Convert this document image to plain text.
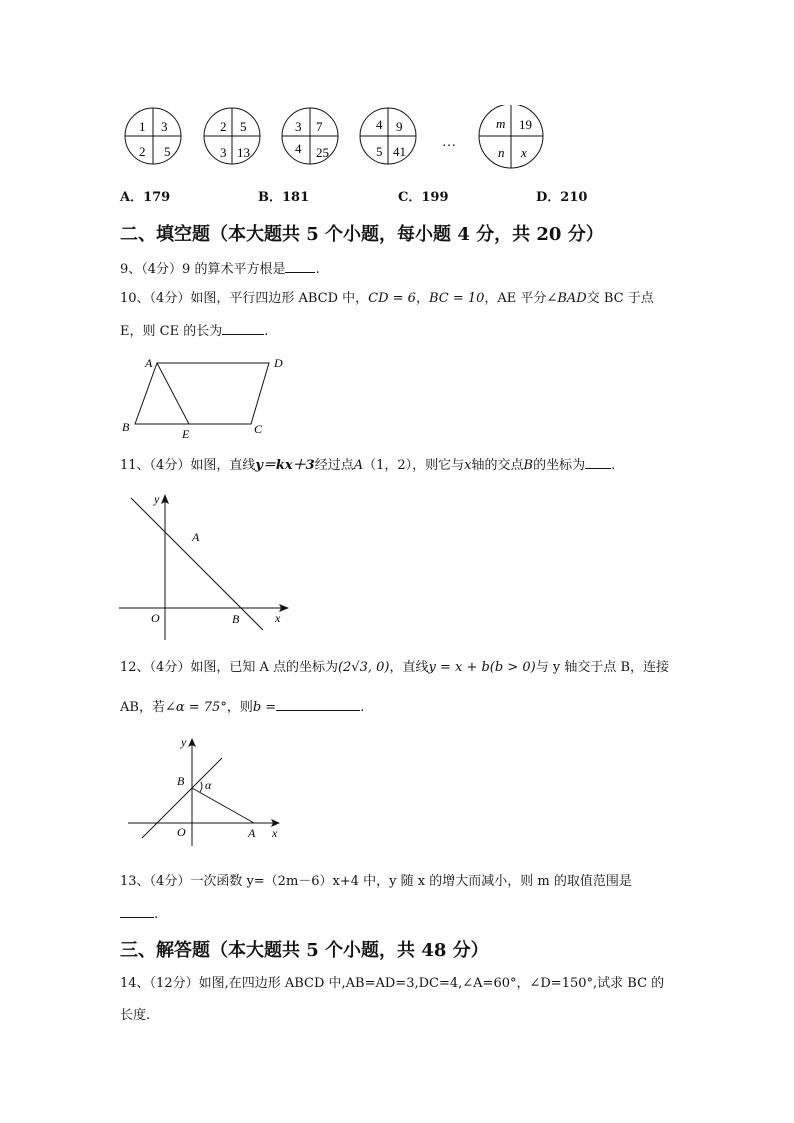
1 3
2 5
2 5
3 13
3 7
4 25
4 9
5 41
…
m 19
n x
A．179	B．181	C．199	D．210
二、填空题（本大题共 5 个小题，每小题 4 分，共 20 分）
9、（4分）9 的算术平方根是 .
10、（4分）如图，平行四边形 ABCD 中，CD = 6，BC = 10，AE 平分∠BAD交 BC 于点
E，则 CE 的长为	.
A	D
B	E	C
11、（4分）如图，直线y＝kx＋3经过点A（1，2），则它与x轴的交点B的坐标为 .
y
A
O	B	x
12、（4分）如图，已知 A 点的坐标为(2√3, 0)，直线y = x + b(b > 0)与 y 轴交于点 B，连接
AB，若∠α = 75°，则b =	.
y
B α
O	A x
13、（4分）一次函数 y=（2m－6）x+4 中，y 随 x 的增大而减小，则 m 的取值范围是
.
三、解答题（本大题共 5 个小题，共 48 分）
14、（12分）如图,在四边形 ABCD 中,AB=AD=3,DC=4,∠A=60°，∠D=150°,试求 BC 的
长度.
